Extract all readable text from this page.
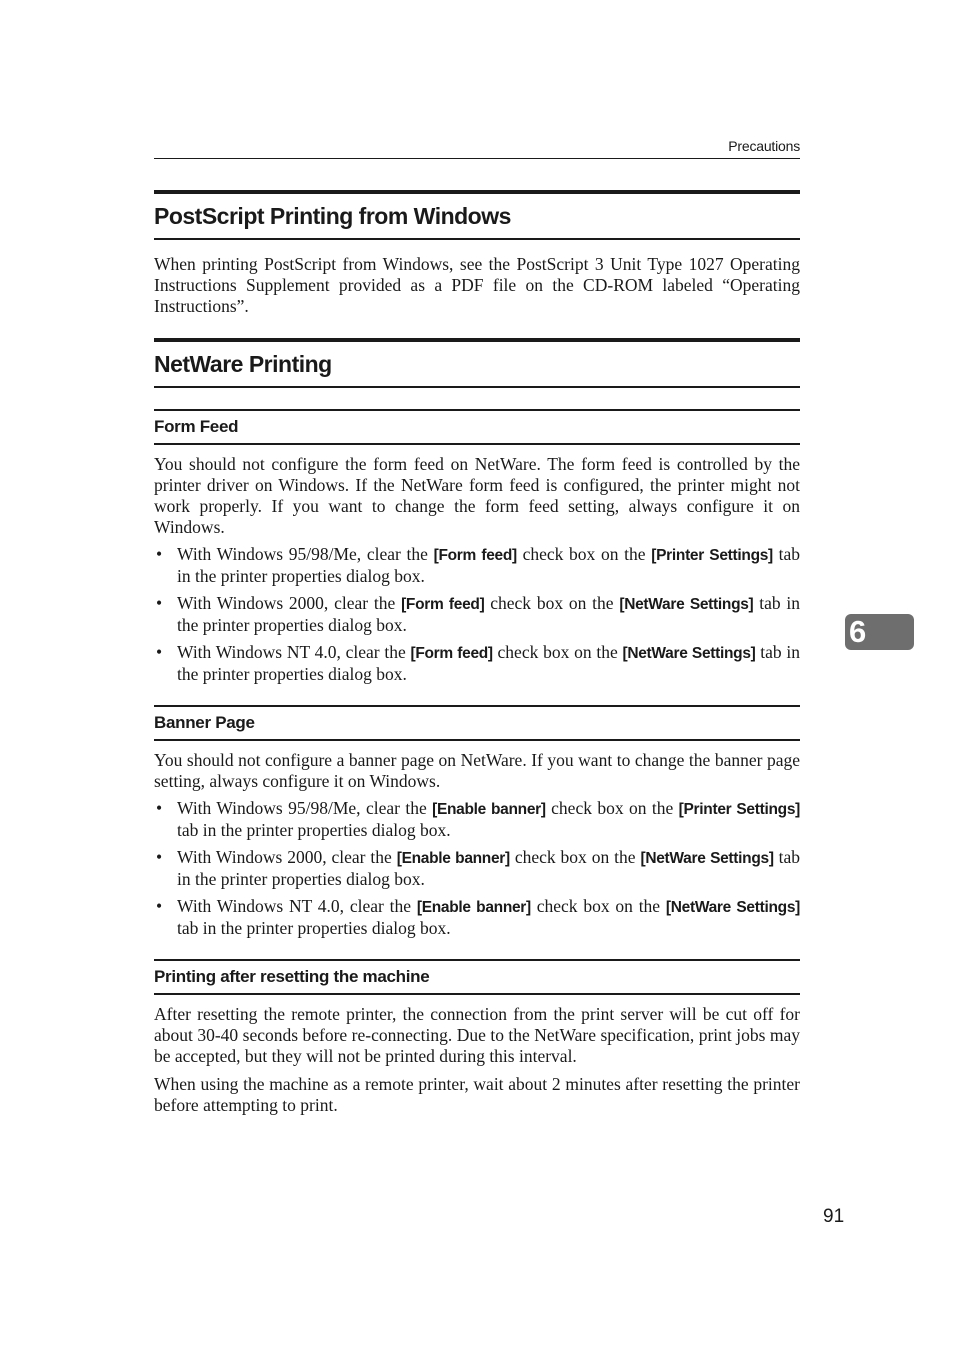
Precautions
PostScript Printing from Windows

When printing PostScript from Windows, see the PostScript 3 Unit Type 1027 Operating Instructions Supplement provided as a PDF file on the CD-ROM labeled “Operating Instructions”.

NetWare Printing
Form Feed

You should not configure the form feed on NetWare. The form feed is controlled by the printer driver on Windows. If the NetWare form feed is configured, the printer might not work properly. If you want to change the form feed setting, always configure it on Windows.

• With Windows 95/98/Me, clear the [Form feed] check box on the [Printer Settings] tab in the printer properties dialog box.
• With Windows 2000, clear the [Form feed] check box on the [NetWare Settings] tab in the printer properties dialog box.
• With Windows NT 4.0, clear the [Form feed] check box on the [NetWare Settings] tab in the printer properties dialog box.
Banner Page

You should not configure a banner page on NetWare. If you want to change the banner page setting, always configure it on Windows.

• With Windows 95/98/Me, clear the [Enable banner] check box on the [Printer Settings] tab in the printer properties dialog box.
• With Windows 2000, clear the [Enable banner] check box on the [NetWare Settings] tab in the printer properties dialog box.
• With Windows NT 4.0, clear the [Enable banner] check box on the [NetWare Settings] tab in the printer properties dialog box.
Printing after resetting the machine

After resetting the remote printer, the connection from the print server will be cut off for about 30-40 seconds before re-connecting. Due to the NetWare specification, print jobs may be accepted, but they will not be printed during this interval.

When using the machine as a remote printer, wait about 2 minutes after resetting the printer before attempting to print.

6
91
